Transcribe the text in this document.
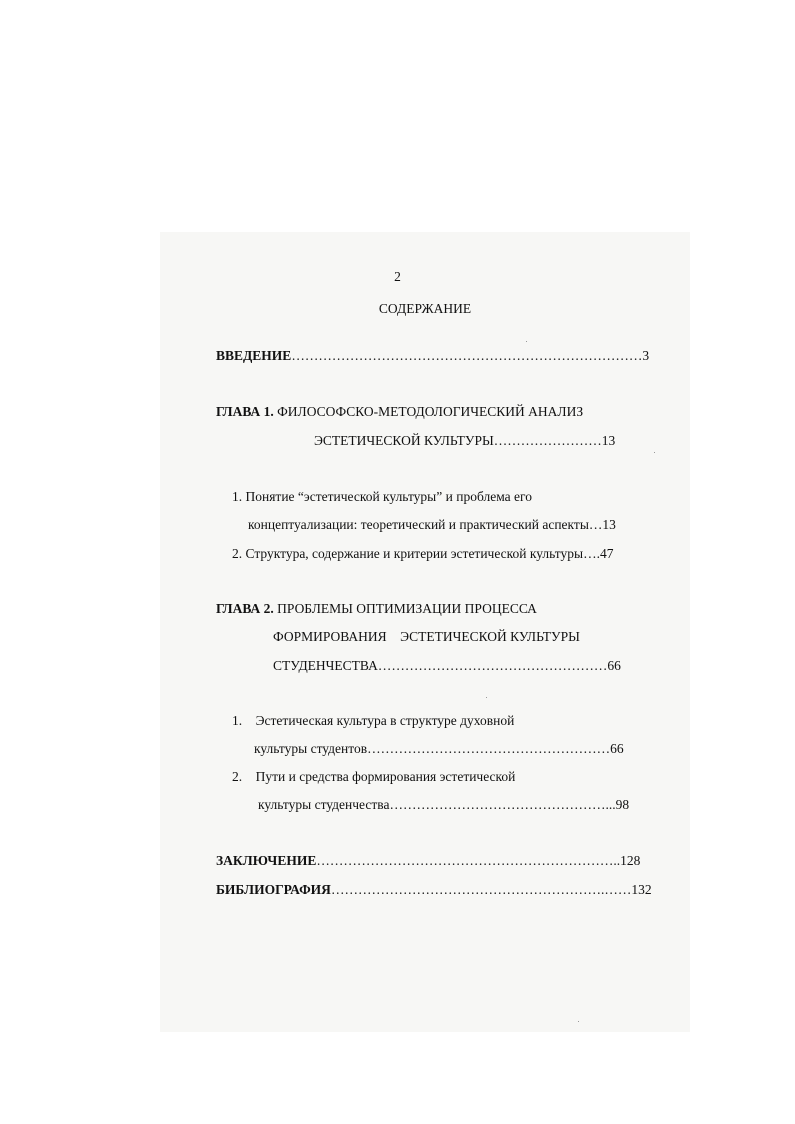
2
СОДЕРЖАНИЕ
ВВЕДЕНИЕ……………………………………………………………………3
ГЛАВА 1. ФИЛОСОФСКО-МЕТОДОЛОГИЧЕСКИЙ АНАЛИЗ
ЭСТЕТИЧЕСКОЙ КУЛЬТУРЫ……………………13
1. Понятие “эстетической культуры” и проблема его
концептуализации: теоретический и практический аспекты…13
2. Структура, содержание и критерии эстетической культуры….47
ГЛАВА 2. ПРОБЛЕМЫ ОПТИМИЗАЦИИ ПРОЦЕССА
ФОРМИРОВАНИЯ    ЭСТЕТИЧЕСКОЙ КУЛЬТУРЫ
СТУДЕНЧЕСТВА……………………………………………66
1.    Эстетическая культура в структуре духовной
культуры студентов………………………………………………66
2.    Пути и средства формирования эстетической
культуры студенчества…………………………………………...98
ЗАКЛЮЧЕНИЕ…………………………………………………………..128
БИБЛИОГРАФИЯ…………………………………………………….……132
